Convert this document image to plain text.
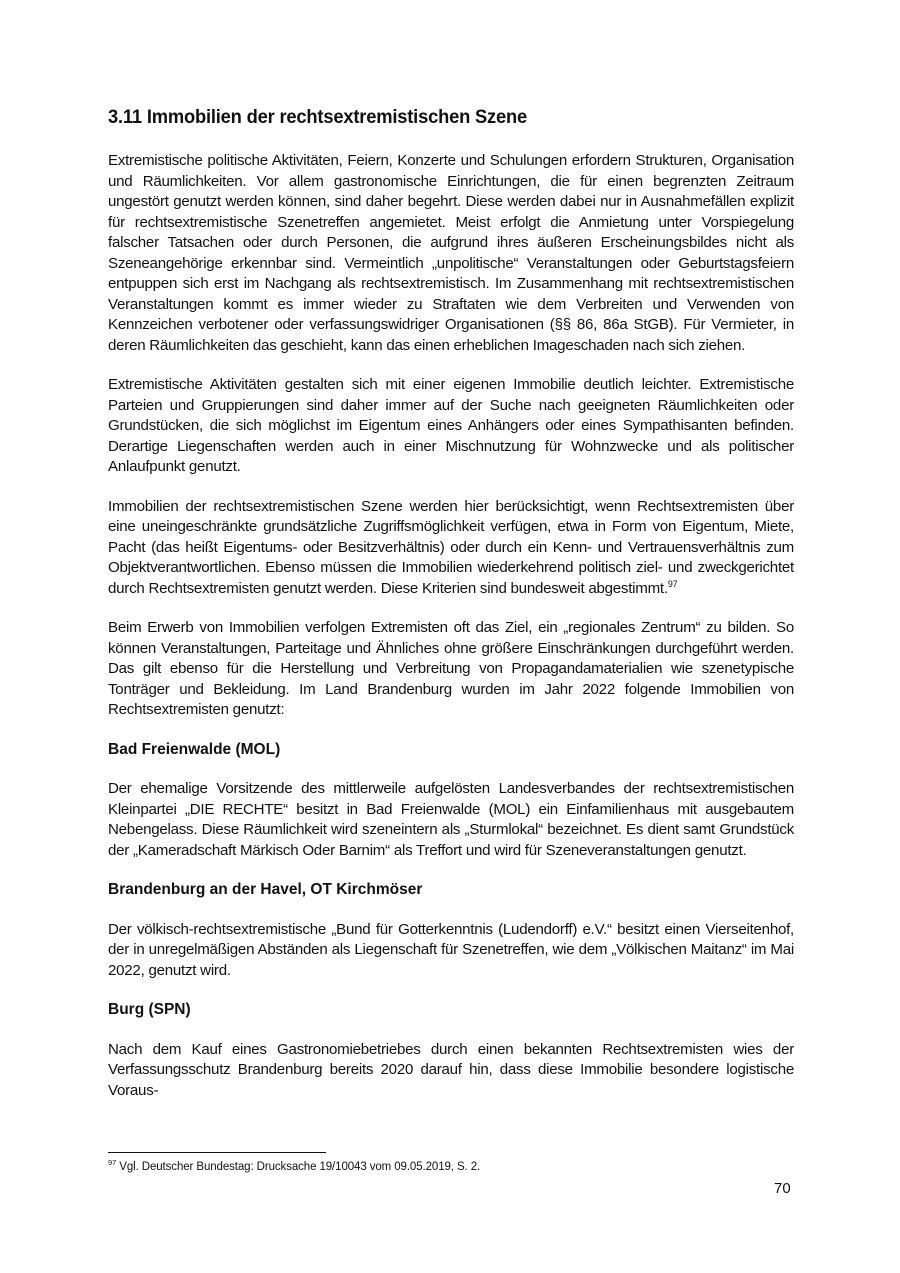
3.11 Immobilien der rechtsextremistischen Szene

Extremistische politische Aktivitäten, Feiern, Konzerte und Schulungen erfordern Strukturen, Organisation und Räumlichkeiten. Vor allem gastronomische Einrichtungen, die für einen begrenzten Zeitraum ungestört genutzt werden können, sind daher begehrt. Diese werden dabei nur in Ausnahmefällen explizit für rechtsextremistische Szenetreffen angemietet. Meist erfolgt die Anmietung unter Vorspiegelung falscher Tatsachen oder durch Personen, die aufgrund ihres äußeren Erscheinungsbildes nicht als Szeneangehörige erkennbar sind. Vermeintlich „unpolitische“ Veranstaltungen oder Geburtstagsfeiern entpuppen sich erst im Nachgang als rechtsextremistisch. Im Zusammenhang mit rechtsextremistischen Veranstaltungen kommt es immer wieder zu Straftaten wie dem Verbreiten und Verwenden von Kennzeichen verbotener oder verfassungswidriger Organisationen (§§ 86, 86a StGB). Für Vermieter, in deren Räumlichkeiten das geschieht, kann das einen erheblichen Imageschaden nach sich ziehen.

Extremistische Aktivitäten gestalten sich mit einer eigenen Immobilie deutlich leichter. Extremistische Parteien und Gruppierungen sind daher immer auf der Suche nach geeigneten Räumlichkeiten oder Grundstücken, die sich möglichst im Eigentum eines Anhängers oder eines Sympathisanten befinden. Derartige Liegenschaften werden auch in einer Mischnutzung für Wohnzwecke und als politischer Anlaufpunkt genutzt.

Immobilien der rechtsextremistischen Szene werden hier berücksichtigt, wenn Rechtsextremisten über eine uneingeschränkte grundsätzliche Zugriffsmöglichkeit verfügen, etwa in Form von Eigentum, Miete, Pacht (das heißt Eigentums- oder Besitzverhältnis) oder durch ein Kenn- und Vertrauensverhältnis zum Objektverantwortlichen. Ebenso müssen die Immobilien wiederkehrend politisch ziel- und zweckgerichtet durch Rechtsextremisten genutzt werden. Diese Kriterien sind bundesweit abgestimmt.$^{97}$

Beim Erwerb von Immobilien verfolgen Extremisten oft das Ziel, ein „regionales Zentrum“ zu bilden. So können Veranstaltungen, Parteitage und Ähnliches ohne größere Einschränkungen durchgeführt werden. Das gilt ebenso für die Herstellung und Verbreitung von Propagandamaterialien wie szenetypische Tonträger und Bekleidung. Im Land Brandenburg wurden im Jahr 2022 folgende Immobilien von Rechtsextremisten genutzt:

Bad Freienwalde (MOL)

Der ehemalige Vorsitzende des mittlerweile aufgelösten Landesverbandes der rechtsextremistischen Kleinpartei „DIE RECHTE“ besitzt in Bad Freienwalde (MOL) ein Einfamilienhaus mit ausgebautem Nebengelass. Diese Räumlichkeit wird szeneintern als „Sturmlokal“ bezeichnet. Es dient samt Grundstück der „Kameradschaft Märkisch Oder Barnim“ als Treffort und wird für Szeneveranstaltungen genutzt.

Brandenburg an der Havel, OT Kirchmöser

Der völkisch-rechtsextremistische „Bund für Gotterkenntnis (Ludendorff) e.V.“ besitzt einen Vierseitenhof, der in unregelmäßigen Abständen als Liegenschaft für Szenetreffen, wie dem „Völkischen Maitanz“ im Mai 2022, genutzt wird.

Burg (SPN)

Nach dem Kauf eines Gastronomiebetriebes durch einen bekannten Rechtsextremisten wies der Verfassungsschutz Brandenburg bereits 2020 darauf hin, dass diese Immobilie besondere logistische Voraus-

$^{97}$ Vgl. Deutscher Bundestag: Drucksache 19/10043 vom 09.05.2019, S. 2.
70
